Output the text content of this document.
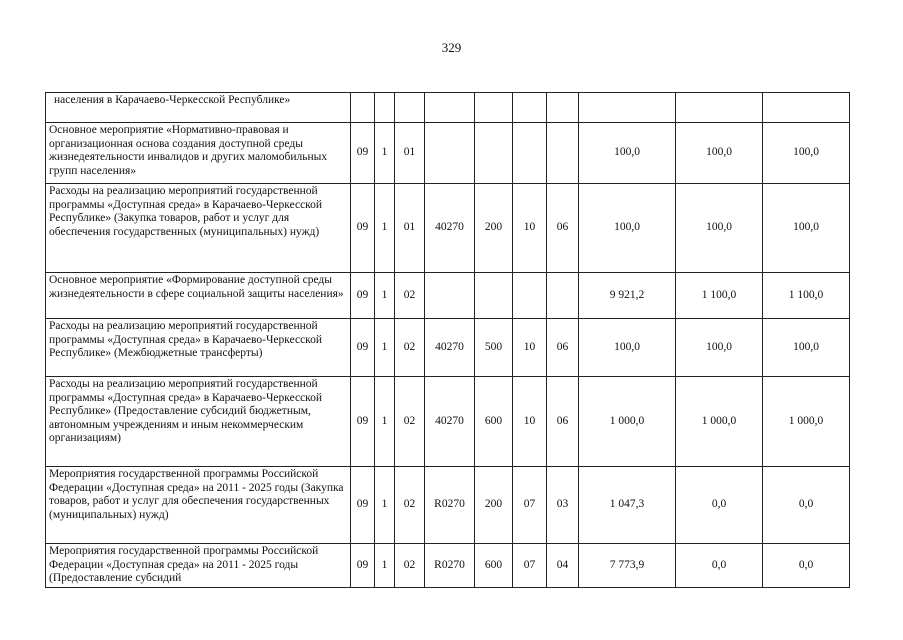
329
населения в Карачаево-Черкесской Республике»										

Основное мероприятие «Нормативно-правовая и организационная основа создания доступной среды жизнедеятельности инвалидов и других маломобильных групп населения»	09	1	01					100,0	100,0	100,0
Расходы на реализацию мероприятий государственной программы «Доступная среда» в Карачаево-Черкесской Республике» (Закупка товаров, работ и услуг для обеспечения государственных (муниципальных) нужд)	09	1	01	40270	200	10	06	100,0	100,0	100,0
Основное мероприятие «Формирование доступной среды жизнедеятельности в сфере социальной защиты населения»	09	1	02					9 921,2	1 100,0	1 100,0
Расходы на реализацию мероприятий государственной программы «Доступная среда» в Карачаево-Черкесской Республике» (Межбюджетные трансферты)	09	1	02	40270	500	10	06	100,0	100,0	100,0
Расходы на реализацию мероприятий государственной программы «Доступная среда» в Карачаево-Черкесской Республике» (Предоставление субсидий бюджетным, автономным учреждениям и иным некоммерческим организациям)	09	1	02	40270	600	10	06	1 000,0	1 000,0	1 000,0
Мероприятия государственной программы Российской Федерации «Доступная среда» на 2011 - 2025 годы (Закупка товаров, работ и услуг для обеспечения государственных (муниципальных) нужд)	09	1	02	R0270	200	07	03	1 047,3	0,0	0,0
Мероприятия государственной программы Российской Федерации «Доступная среда» на 2011 - 2025 годы (Предоставление субсидий	09	1	02	R0270	600	07	04	7 773,9	0,0	0,0
